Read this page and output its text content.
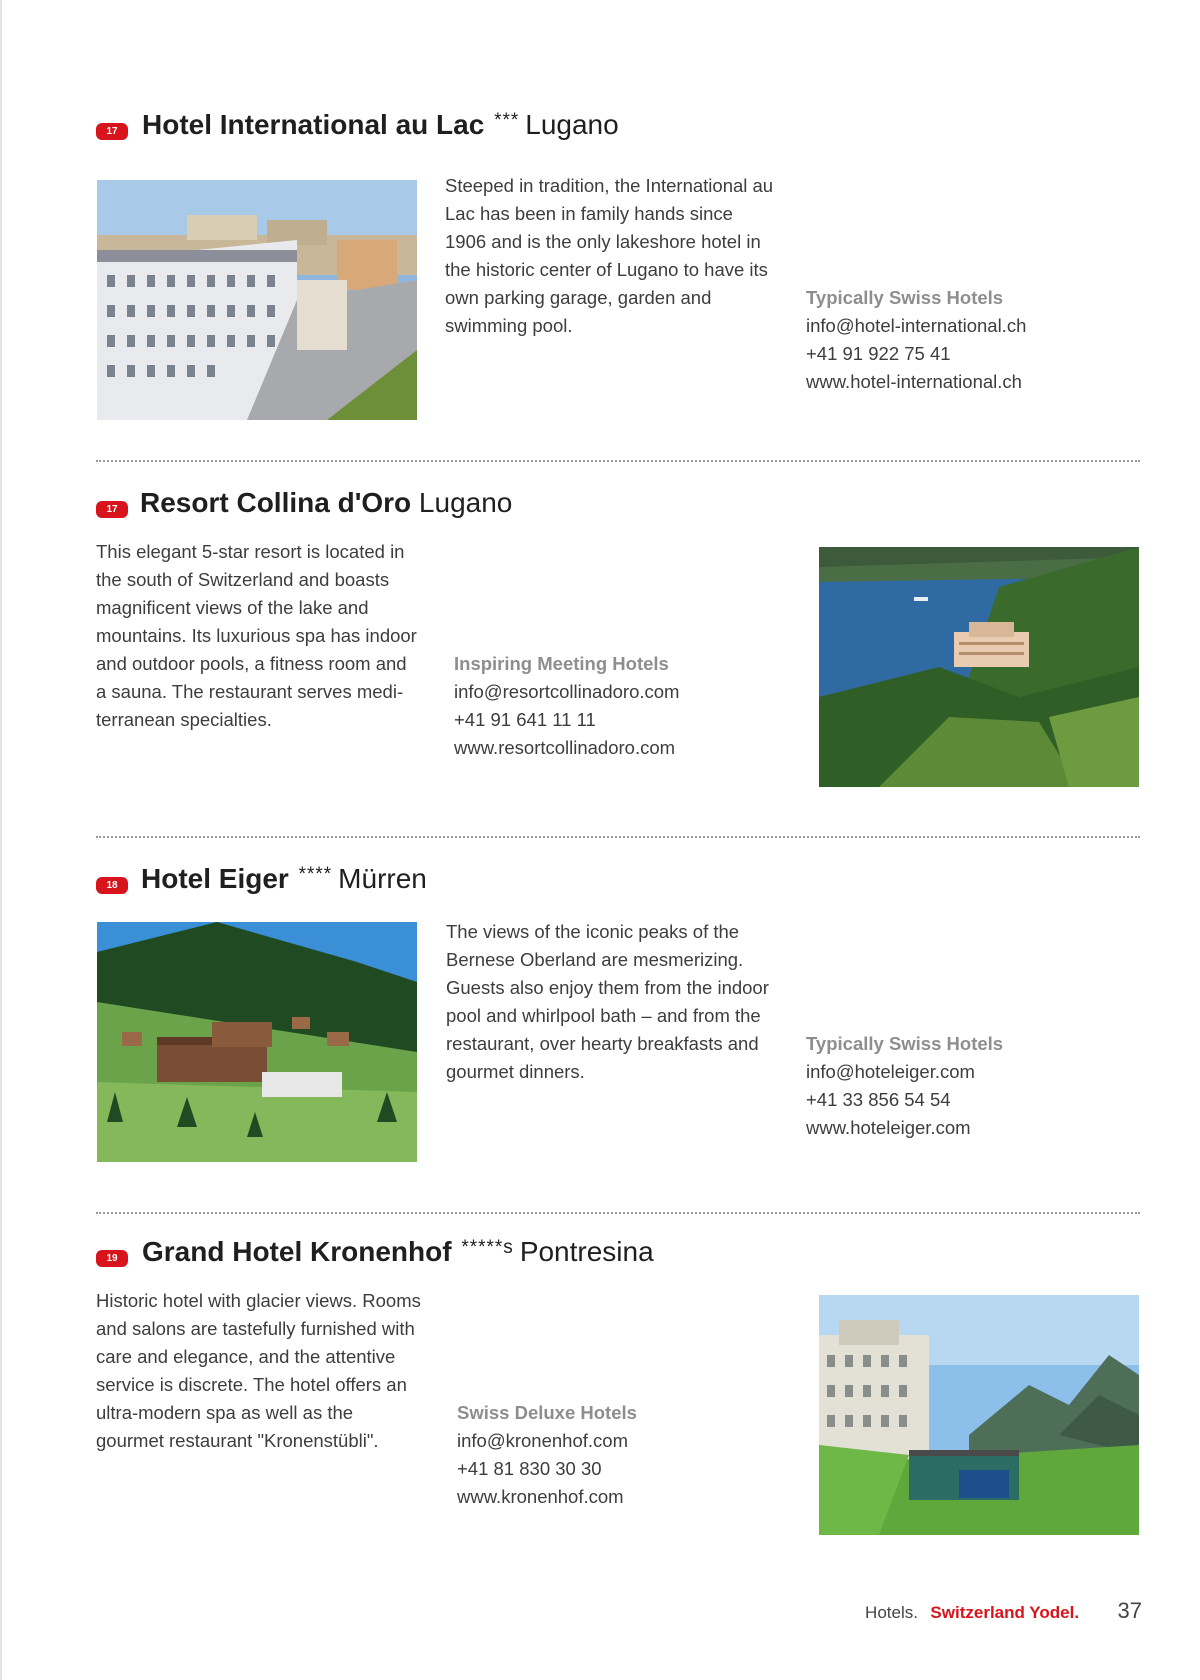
17 Hotel International au Lac *** Lugano
Steeped in tradition, the International au
Lac has been in family hands since
1906 and is the only lakeshore hotel in
the historic center of Lugano to have its
own parking garage, garden and
swimming pool.
Typically Swiss Hotels
info@hotel-international.ch
+41 91 922 75 41
www.hotel-international.ch
17 Resort Collina d'Oro Lugano
This elegant 5-star resort is located in
the south of Switzerland and boasts
magnificent views of the lake and
mountains. Its luxurious spa has indoor
and outdoor pools, a fitness room and
a sauna. The restaurant serves medi-
terranean specialties.
Inspiring Meeting Hotels
info@resortcollinadoro.com
+41 91 641 11 11
www.resortcollinadoro.com
18 Hotel Eiger **** Mürren
The views of the iconic peaks of the
Bernese Oberland are mesmerizing.
Guests also enjoy them from the indoor
pool and whirlpool bath – and from the
restaurant, over hearty breakfasts and
gourmet dinners.
Typically Swiss Hotels
info@hoteleiger.com
+41 33 856 54 54
www.hoteleiger.com
19 Grand Hotel Kronenhof $^{*****s}$ Pontresina
Historic hotel with glacier views. Rooms
and salons are tastefully furnished with
care and elegance, and the attentive
service is discrete. The hotel offers an
ultra-modern spa as well as the
gourmet restaurant "Kronenstübli".
Swiss Deluxe Hotels
info@kronenhof.com
+41 81 830 30 30
www.kronenhof.com
Hotels. Switzerland Yodel. 37
